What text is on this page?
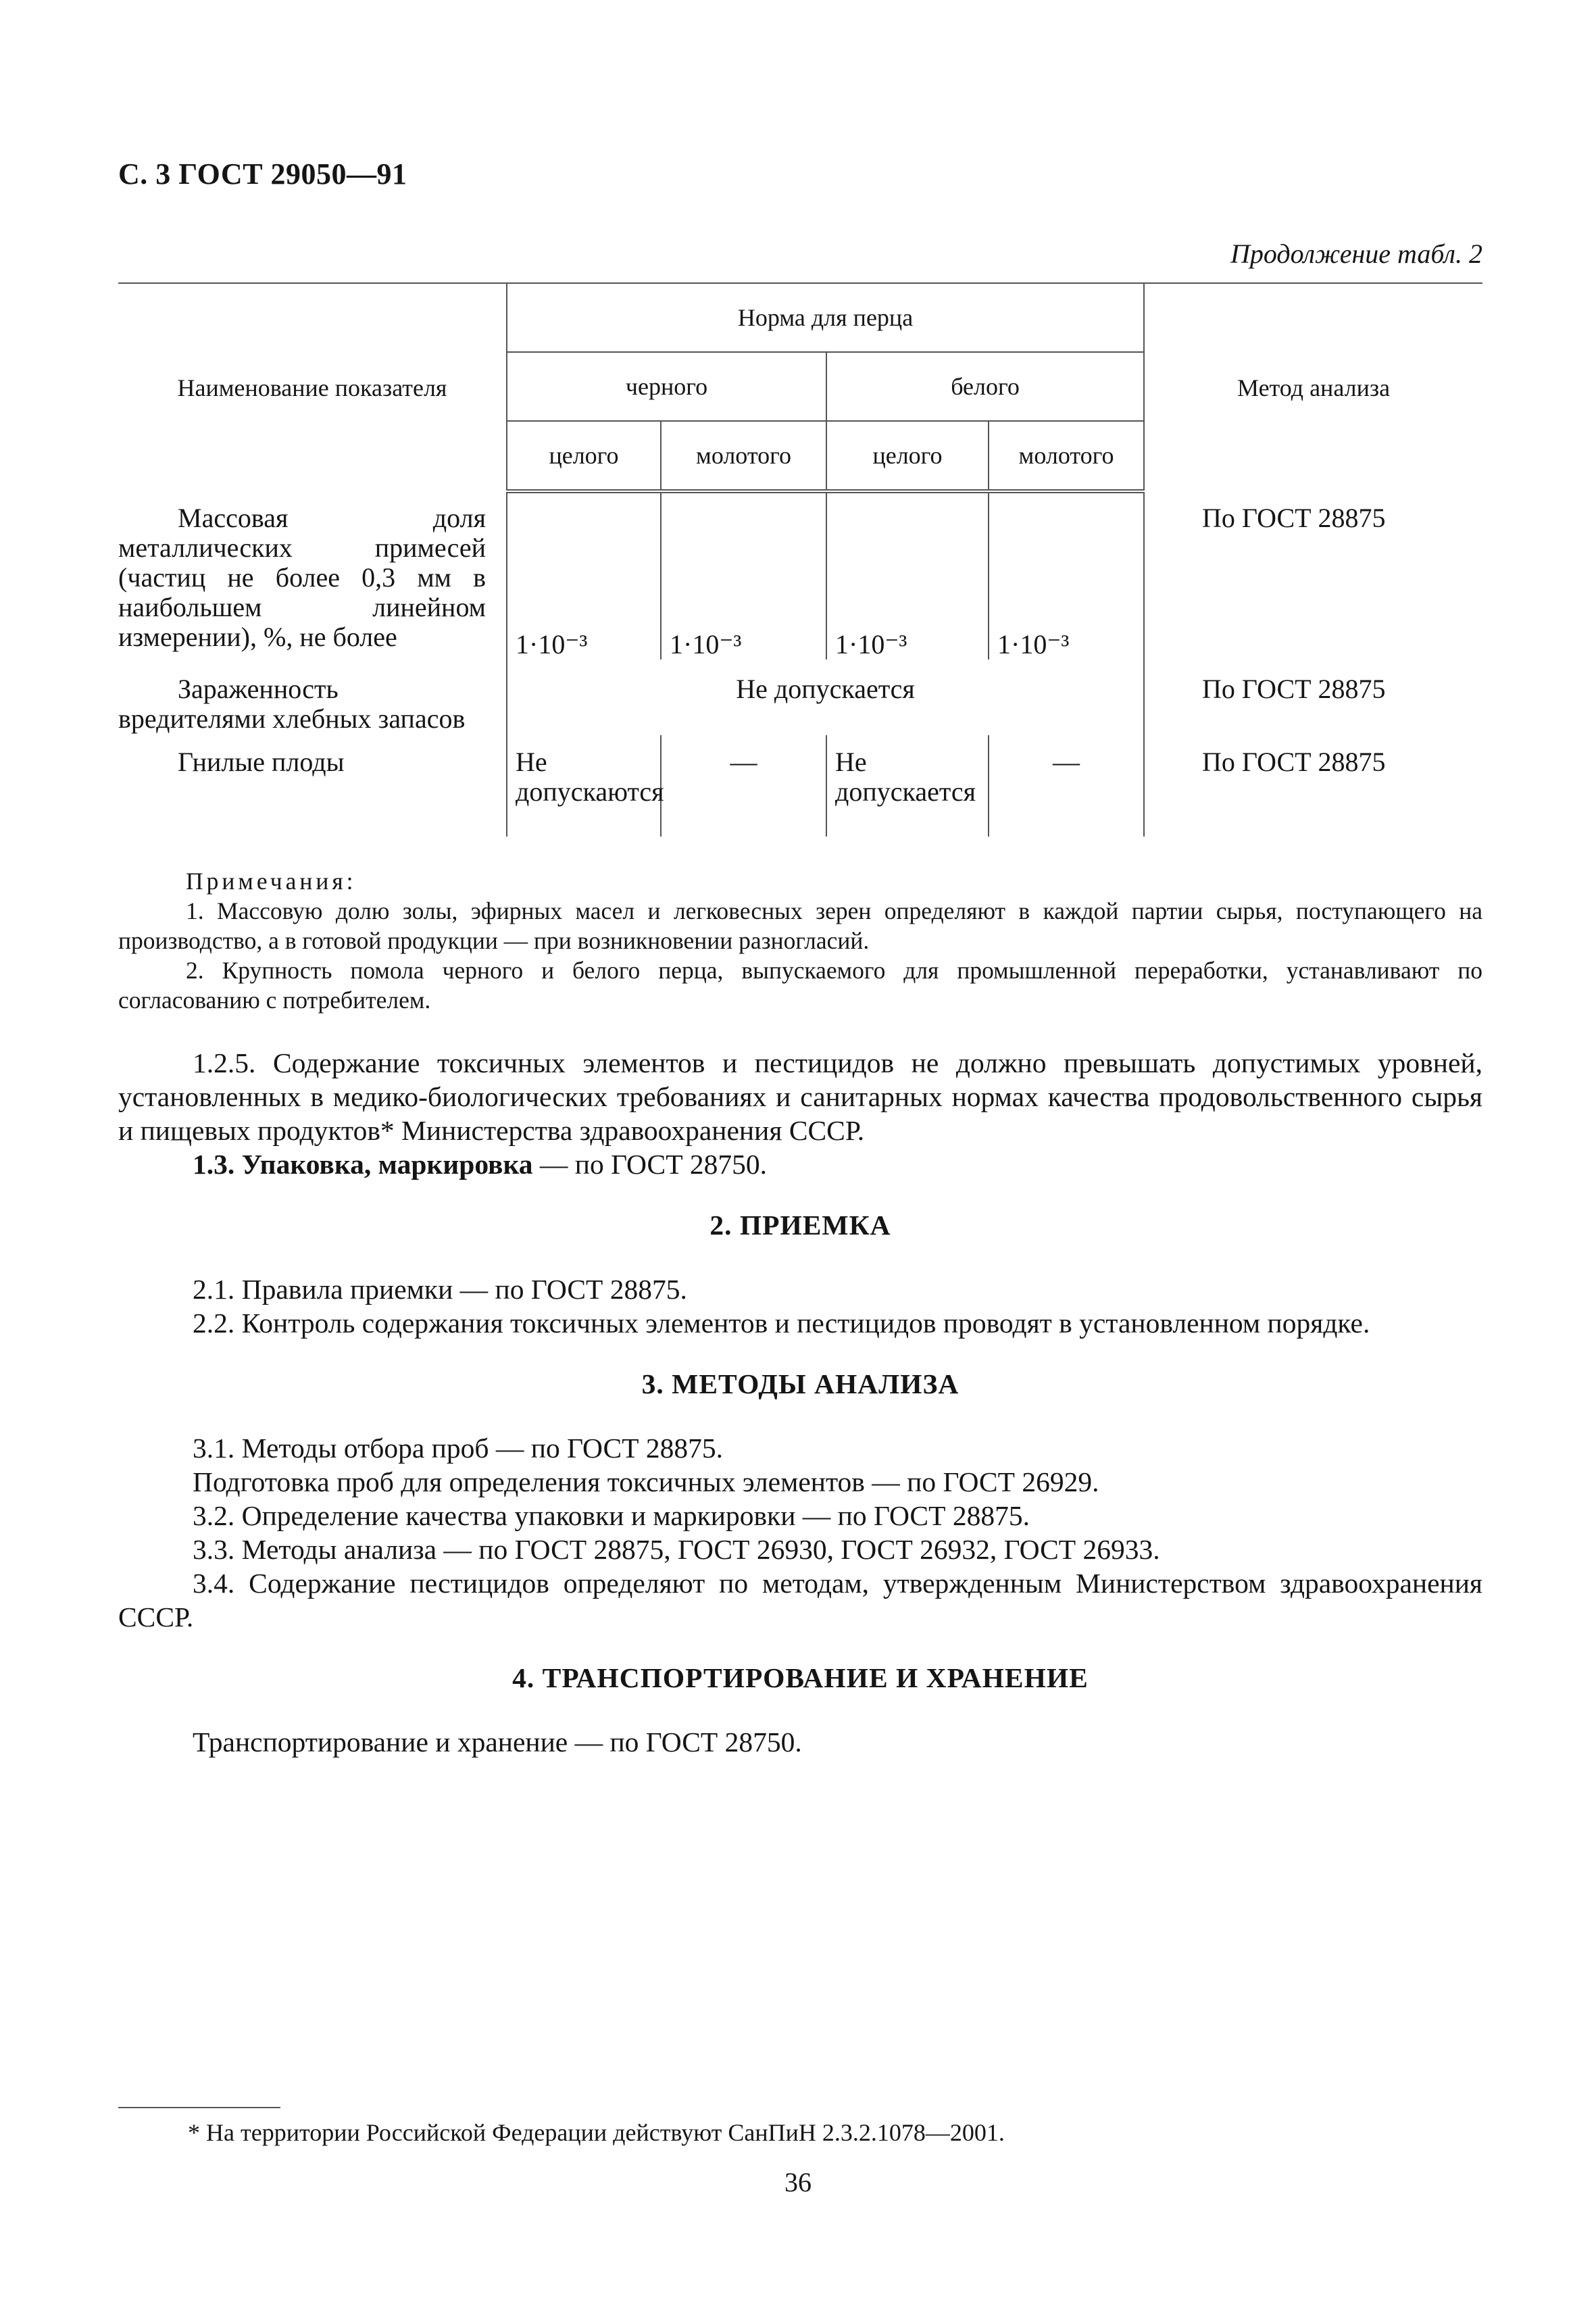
С. 3 ГОСТ 29050—91
Продолжение табл. 2
Наименование показателя	Норма для перца				Метод анализа
	черного		белого		
	целого	молотого	целого	молотого	
Массовая доля металлических примесей (частиц не более 0,3 мм в наибольшем линейном измерении), %, не более	1·10⁻³	1·10⁻³	1·10⁻³	1·10⁻³	По ГОСТ 28875
Зараженность вредителями хлебных запасов	Не допускается				По ГОСТ 28875
Гнилые плоды	Не допускаются	—	Не допускается	—	По ГОСТ 28875

Примечания:

1. Массовую долю золы, эфирных масел и легковесных зерен определяют в каждой партии сырья, поступающего на производство, а в готовой продукции — при возникновении разногласий.

2. Крупность помола черного и белого перца, выпускаемого для промышленной переработки, устанавливают по согласованию с потребителем.

1.2.5. Содержание токсичных элементов и пестицидов не должно превышать допустимых уровней, установленных в медико-биологических требованиях и санитарных нормах качества продовольственного сырья и пищевых продуктов* Министерства здравоохранения СССР.

1.3. Упаковка, маркировка — по ГОСТ 28750.

2. ПРИЕМКА

2.1. Правила приемки — по ГОСТ 28875.

2.2. Контроль содержания токсичных элементов и пестицидов проводят в установленном порядке.

3. МЕТОДЫ АНАЛИЗА

3.1. Методы отбора проб — по ГОСТ 28875.

Подготовка проб для определения токсичных элементов — по ГОСТ 26929.

3.2. Определение качества упаковки и маркировки — по ГОСТ 28875.

3.3. Методы анализа — по ГОСТ 28875, ГОСТ 26930, ГОСТ 26932, ГОСТ 26933.

3.4. Содержание пестицидов определяют по методам, утвержденным Министерством здравоохранения СССР.

4. ТРАНСПОРТИРОВАНИЕ И ХРАНЕНИЕ

Транспортирование и хранение — по ГОСТ 28750.

* На территории Российской Федерации действуют СанПиН 2.3.2.1078—2001.
36
